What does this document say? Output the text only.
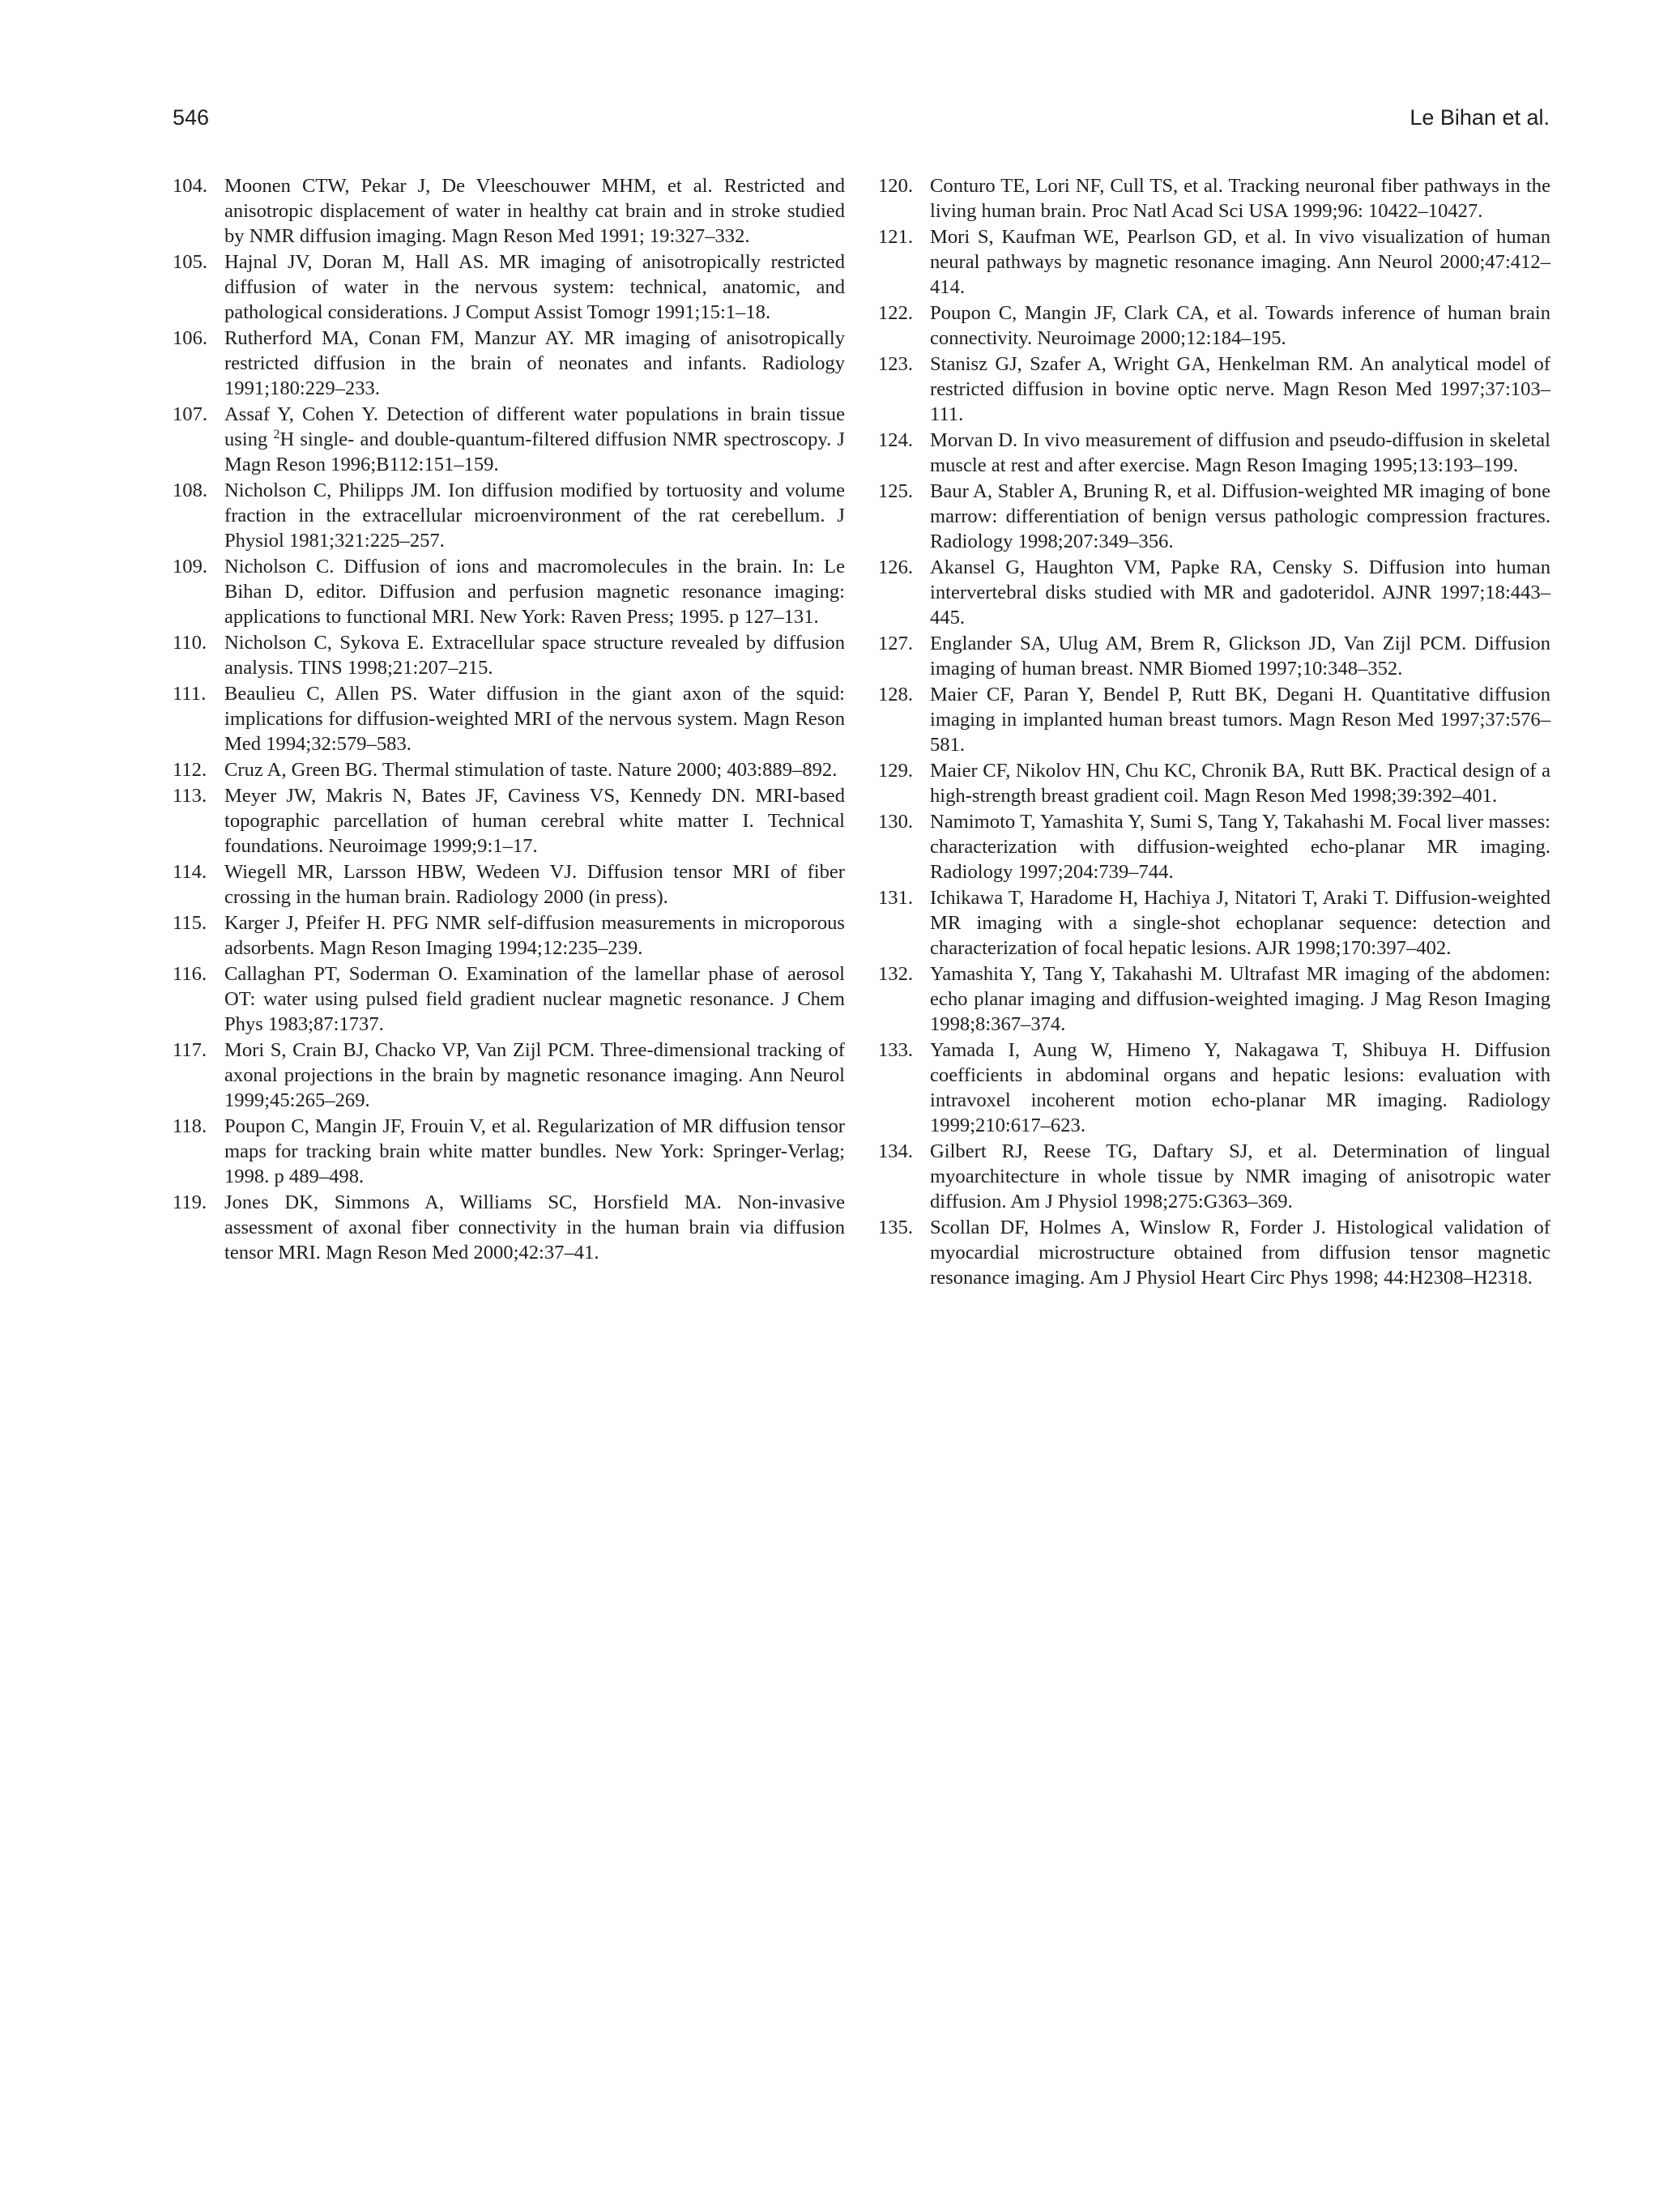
546	Le Bihan et al.
104. Moonen CTW, Pekar J, De Vleeschouwer MHM, et al. Restricted and anisotropic displacement of water in healthy cat brain and in stroke studied by NMR diffusion imaging. Magn Reson Med 1991; 19:327–332.
105. Hajnal JV, Doran M, Hall AS. MR imaging of anisotropically restricted diffusion of water in the nervous system: technical, anatomic, and pathological considerations. J Comput Assist Tomogr 1991;15:1–18.
106. Rutherford MA, Conan FM, Manzur AY. MR imaging of anisotropically restricted diffusion in the brain of neonates and infants. Radiology 1991;180:229–233.
107. Assaf Y, Cohen Y. Detection of different water populations in brain tissue using $^2$H single- and double-quantum-filtered diffusion NMR spectroscopy. J Magn Reson 1996;B112:151–159.
108. Nicholson C, Philipps JM. Ion diffusion modified by tortuosity and volume fraction in the extracellular microenvironment of the rat cerebellum. J Physiol 1981;321:225–257.
109. Nicholson C. Diffusion of ions and macromolecules in the brain. In: Le Bihan D, editor. Diffusion and perfusion magnetic resonance imaging: applications to functional MRI. New York: Raven Press; 1995. p 127–131.
110. Nicholson C, Sykova E. Extracellular space structure revealed by diffusion analysis. TINS 1998;21:207–215.
111. Beaulieu C, Allen PS. Water diffusion in the giant axon of the squid: implications for diffusion-weighted MRI of the nervous system. Magn Reson Med 1994;32:579–583.
112. Cruz A, Green BG. Thermal stimulation of taste. Nature 2000; 403:889–892.
113. Meyer JW, Makris N, Bates JF, Caviness VS, Kennedy DN. MRI-based topographic parcellation of human cerebral white matter I. Technical foundations. Neuroimage 1999;9:1–17.
114. Wiegell MR, Larsson HBW, Wedeen VJ. Diffusion tensor MRI of fiber crossing in the human brain. Radiology 2000 (in press).
115. Karger J, Pfeifer H. PFG NMR self-diffusion measurements in microporous adsorbents. Magn Reson Imaging 1994;12:235–239.
116. Callaghan PT, Soderman O. Examination of the lamellar phase of aerosol OT: water using pulsed field gradient nuclear magnetic resonance. J Chem Phys 1983;87:1737.
117. Mori S, Crain BJ, Chacko VP, Van Zijl PCM. Three-dimensional tracking of axonal projections in the brain by magnetic resonance imaging. Ann Neurol 1999;45:265–269.
118. Poupon C, Mangin JF, Frouin V, et al. Regularization of MR diffusion tensor maps for tracking brain white matter bundles. New York: Springer-Verlag; 1998. p 489–498.
119. Jones DK, Simmons A, Williams SC, Horsfield MA. Non-invasive assessment of axonal fiber connectivity in the human brain via diffusion tensor MRI. Magn Reson Med 2000;42:37–41.
120. Conturo TE, Lori NF, Cull TS, et al. Tracking neuronal fiber pathways in the living human brain. Proc Natl Acad Sci USA 1999;96: 10422–10427.
121. Mori S, Kaufman WE, Pearlson GD, et al. In vivo visualization of human neural pathways by magnetic resonance imaging. Ann Neurol 2000;47:412–414.
122. Poupon C, Mangin JF, Clark CA, et al. Towards inference of human brain connectivity. Neuroimage 2000;12:184–195.
123. Stanisz GJ, Szafer A, Wright GA, Henkelman RM. An analytical model of restricted diffusion in bovine optic nerve. Magn Reson Med 1997;37:103–111.
124. Morvan D. In vivo measurement of diffusion and pseudo-diffusion in skeletal muscle at rest and after exercise. Magn Reson Imaging 1995;13:193–199.
125. Baur A, Stabler A, Bruning R, et al. Diffusion-weighted MR imaging of bone marrow: differentiation of benign versus pathologic compression fractures. Radiology 1998;207:349–356.
126. Akansel G, Haughton VM, Papke RA, Censky S. Diffusion into human intervertebral disks studied with MR and gadoteridol. AJNR 1997;18:443–445.
127. Englander SA, Ulug AM, Brem R, Glickson JD, Van Zijl PCM. Diffusion imaging of human breast. NMR Biomed 1997;10:348–352.
128. Maier CF, Paran Y, Bendel P, Rutt BK, Degani H. Quantitative diffusion imaging in implanted human breast tumors. Magn Reson Med 1997;37:576–581.
129. Maier CF, Nikolov HN, Chu KC, Chronik BA, Rutt BK. Practical design of a high-strength breast gradient coil. Magn Reson Med 1998;39:392–401.
130. Namimoto T, Yamashita Y, Sumi S, Tang Y, Takahashi M. Focal liver masses: characterization with diffusion-weighted echo-planar MR imaging. Radiology 1997;204:739–744.
131. Ichikawa T, Haradome H, Hachiya J, Nitatori T, Araki T. Diffusion-weighted MR imaging with a single-shot echoplanar sequence: detection and characterization of focal hepatic lesions. AJR 1998;170:397–402.
132. Yamashita Y, Tang Y, Takahashi M. Ultrafast MR imaging of the abdomen: echo planar imaging and diffusion-weighted imaging. J Mag Reson Imaging 1998;8:367–374.
133. Yamada I, Aung W, Himeno Y, Nakagawa T, Shibuya H. Diffusion coefficients in abdominal organs and hepatic lesions: evaluation with intravoxel incoherent motion echo-planar MR imaging. Radiology 1999;210:617–623.
134. Gilbert RJ, Reese TG, Daftary SJ, et al. Determination of lingual myoarchitecture in whole tissue by NMR imaging of anisotropic water diffusion. Am J Physiol 1998;275:G363–369.
135. Scollan DF, Holmes A, Winslow R, Forder J. Histological validation of myocardial microstructure obtained from diffusion tensor magnetic resonance imaging. Am J Physiol Heart Circ Phys 1998; 44:H2308–H2318.
